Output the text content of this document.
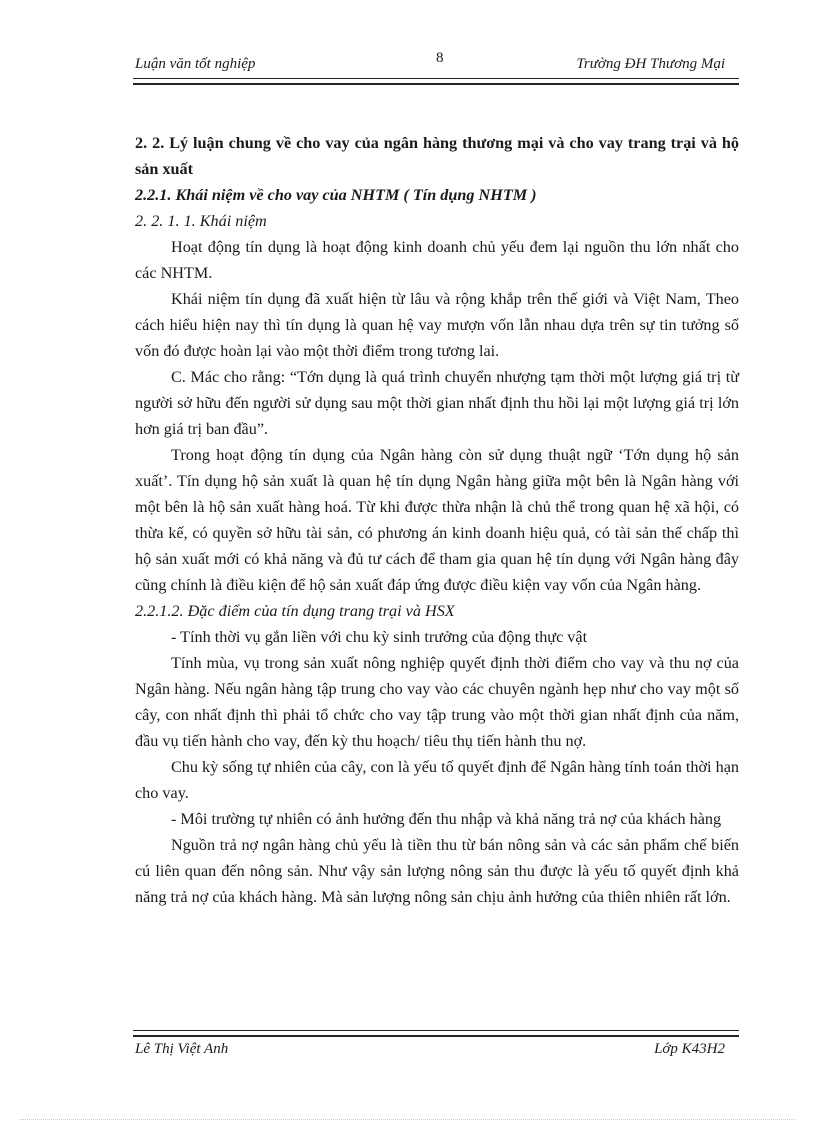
Luận văn tốt nghiệp	8	Trường ĐH Thương Mại

2. 2. Lý luận chung về cho vay của ngân hàng thương mại và cho vay trang trại và hộ sản xuất

2.2.1. Khái niệm về cho vay của NHTM ( Tín dụng NHTM )

2. 2. 1. 1. Khái niệm

Hoạt động tín dụng là hoạt động kinh doanh chủ yếu đem lại nguồn thu lớn nhất cho các NHTM.

Khái niệm tín dụng đã xuất hiện từ lâu và rộng khắp trên thế giới và Việt Nam, Theo cách hiểu hiện nay thì tín dụng là quan hệ vay mượn vốn lẫn nhau dựa trên sự tin tưởng số vốn đó được hoàn lại vào một thời điểm trong tương lai.

C. Mác cho rằng: “Tớn dụng là quá trình chuyển nhượng tạm thời một lượng giá trị từ người sở hữu đến người sử dụng sau một thời gian nhất định thu hồi lại một lượng giá trị lớn hơn giá trị ban đầu”.

Trong hoạt động tín dụng của Ngân hàng còn sử dụng thuật ngữ ‘Tớn dụng hộ sản xuất’. Tín dụng hộ sản xuất là quan hệ tín dụng Ngân hàng giữa một bên là Ngân hàng với một bên là hộ sản xuất hàng hoá. Từ khi được thừa nhận là chủ thể trong quan hệ xã hội, có thừa kế, có quyền sở hữu tài sản, có phương án kinh doanh hiệu quả, có tài sản thế chấp thì hộ sản xuất mới có khả năng và đủ tư cách để tham gia quan hệ tín dụng với Ngân hàng đây cũng chính là điều kiện để hộ sản xuất đáp ứng được điều kiện vay vốn của Ngân hàng.

2.2.1.2. Đặc điểm của tín dụng trang trại và HSX

- Tính thời vụ gắn liền với chu kỳ sinh trưởng của động thực vật

Tính mùa, vụ trong sản xuất nông nghiệp quyết định thời điểm cho vay và thu nợ của Ngân hàng. Nếu ngân hàng tập trung cho vay vào các chuyên ngành hẹp như cho vay một số cây, con nhất định thì phải tổ chức cho vay tập trung vào một thời gian nhất định của năm, đầu vụ tiến hành cho vay, đến kỳ thu hoạch/ tiêu thụ tiến hành thu nợ.

Chu kỳ sống tự nhiên của cây, con là yếu tố quyết định để Ngân hàng tính toán thời hạn cho vay.

- Môi trường tự nhiên có ảnh hưởng đến thu nhập và khả năng trả nợ của khách hàng

Nguồn trả nợ ngân hàng chủ yếu là tiền thu từ bán nông sản và các sản phẩm chế biến cú liên quan đến nông sản. Như vậy sản lượng nông sản thu được là yếu tố quyết định khả năng trả nợ của khách hàng. Mà sản lượng nông sản chịu ảnh hưởng của thiên nhiên rất lớn.

Lê Thị Việt Anh	Lớp K43H2
